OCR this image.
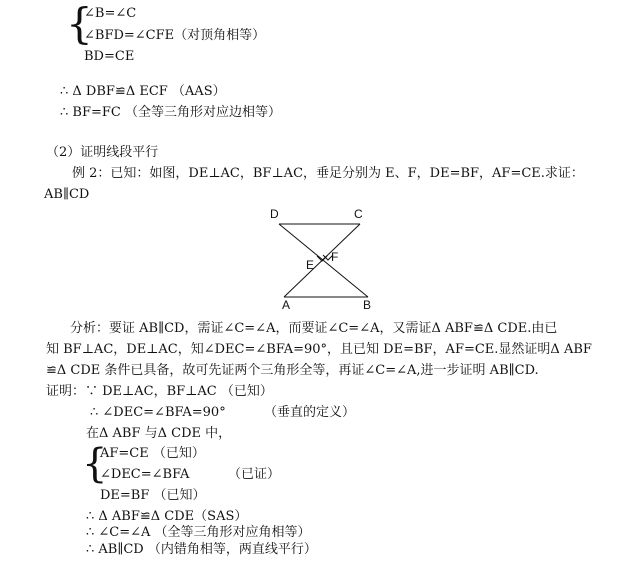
{
∠B=∠C
∠BFD=∠CFE（对顶角相等）
BD=CE
∴ Δ DBF≌Δ ECF （AAS）
∴ BF=FC （全等三角形对应边相等）
（2）证明线段平行
例 2：已知：如图，DE⊥AC，BF⊥AC，垂足分别为 E、F，DE=BF，AF=CE.求证：
AB∥CD
D	C
E
F
A	B
分析：要证 AB∥CD，需证∠C=∠A，而要证∠C=∠A，又需证Δ ABF≌Δ CDE.由已
知 BF⊥AC，DE⊥AC，知∠DEC=∠BFA=90°，且已知 DE=BF，AF=CE.显然证明Δ ABF
≌Δ CDE 条件已具备，故可先证两个三角形全等，再证∠C=∠A,进一步证明 AB∥CD.
证明：∵ DE⊥AC，BF⊥AC （已知）
∴ ∠DEC=∠BFA=90°	（垂直的定义）
在Δ ABF 与Δ CDE 中，
{
AF=CE （已知）
∠DEC=∠BFA	（已证）
DE=BF （已知）
∴ Δ ABF≌Δ CDE（SAS）
∴ ∠C=∠A （全等三角形对应角相等）
∴ AB∥CD （内错角相等，两直线平行）
